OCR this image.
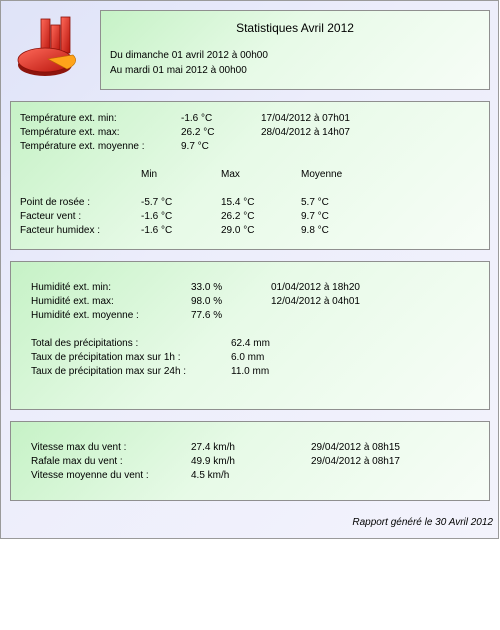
Statistiques Avril 2012
Du dimanche 01 avril 2012 à 00h00
Au mardi 01 mai 2012 à 00h00
Température ext. min:	-1.6 °C	17/04/2012 à 07h01
Température ext. max:	26.2 °C	28/04/2012 à 14h07
Température ext. moyenne :	9.7 °C
Min	Max	Moyenne
Point de rosée :	-5.7 °C	15.4 °C	5.7 °C
Facteur vent :	-1.6 °C	26.2 °C	9.7 °C
Facteur humidex :	-1.6 °C	29.0 °C	9.8 °C
Humidité ext. min:	33.0 %	01/04/2012 à 18h20
Humidité ext. max:	98.0 %	12/04/2012 à 04h01
Humidité ext. moyenne :	77.6 %
Total des précipitations :	62.4 mm
Taux de précipitation max sur 1h :	6.0 mm
Taux de précipitation max sur 24h :	11.0 mm
Vitesse max du vent :	27.4 km/h	29/04/2012 à 08h15
Rafale max du vent :	49.9 km/h	29/04/2012 à 08h17
Vitesse moyenne du vent :	4.5 km/h
Rapport généré le 30 Avril 2012
